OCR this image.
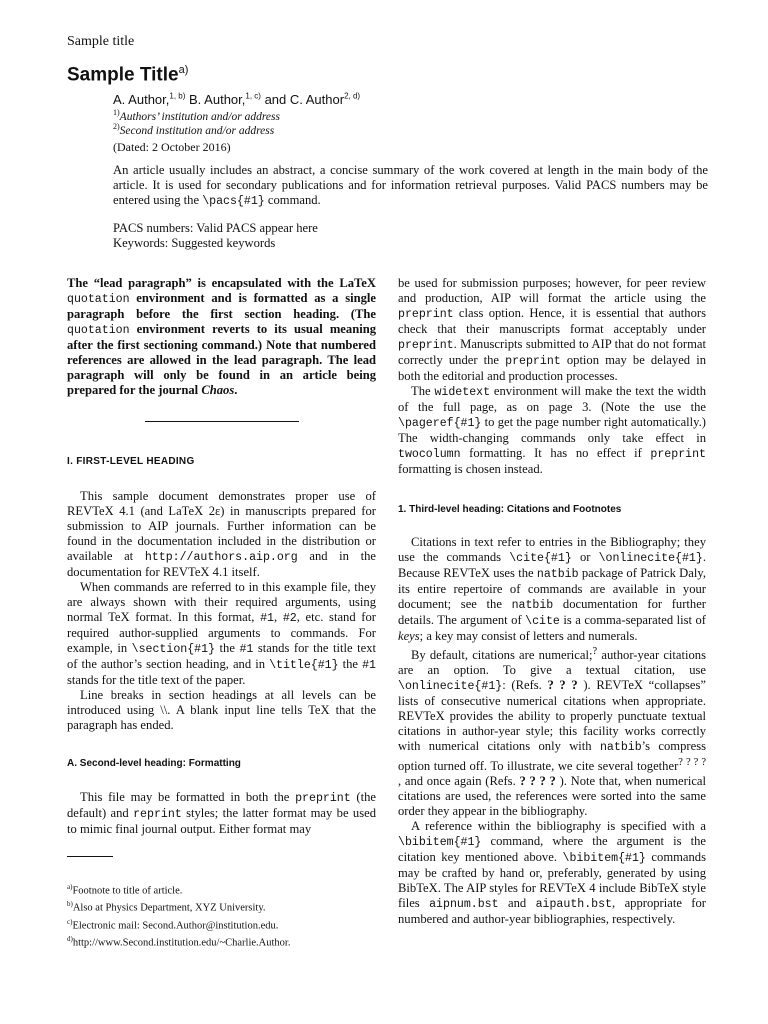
Sample title
Sample Title$^{a)}$
A. Author,$^{1, b)}$ B. Author,$^{1, c)}$ and C. Author$^{2, d)}$
$^{1)}$Authors’ institution and/or address
$^{2)}$Second institution and/or address
(Dated: 2 October 2016)
An article usually includes an abstract, a concise summary of the work covered at length in the main body of the article. It is used for secondary publications and for information retrieval purposes. Valid PACS numbers may be entered using the \pacs{#1} command.
PACS numbers: Valid PACS appear here
Keywords: Suggested keywords
The “lead paragraph” is encapsulated with the LaTeX quotation environment and is formatted as a single paragraph before the first section heading. (The quotation environment reverts to its usual meaning after the first sectioning command.) Note that numbered references are allowed in the lead paragraph. The lead paragraph will only be found in an article being prepared for the journal Chaos.
I. FIRST-LEVEL HEADING

This sample document demonstrates proper use of REVTeX 4.1 (and LaTeX 2ε) in manuscripts prepared for submission to AIP journals. Further information can be found in the documentation included in the distribution or available at http://authors.aip.org and in the documentation for REVTeX 4.1 itself.

When commands are referred to in this example file, they are always shown with their required arguments, using normal TeX format. In this format, #1, #2, etc. stand for required author-supplied arguments to commands. For example, in \section{#1} the #1 stands for the title text of the author’s section heading, and in \title{#1} the #1 stands for the title text of the paper.

Line breaks in section headings at all levels can be introduced using \\. A blank input line tells TeX that the paragraph has ended.

A. Second-level heading: Formatting

This file may be formatted in both the preprint (the default) and reprint styles; the latter format may be used to mimic final journal output. Either format may

$^{a)}$Footnote to title of article.
$^{b)}$Also at Physics Department, XYZ University.
$^{c)}$Electronic mail: Second.Author@institution.edu.
$^{d)}$http://www.Second.institution.edu/~Charlie.Author.

be used for submission purposes; however, for peer review and production, AIP will format the article using the preprint class option. Hence, it is essential that authors check that their manuscripts format acceptably under preprint. Manuscripts submitted to AIP that do not format correctly under the preprint option may be delayed in both the editorial and production processes.

The widetext environment will make the text the width of the full page, as on page 3. (Note the use the \pageref{#1} to get the page number right automatically.) The width-changing commands only take effect in twocolumn formatting. It has no effect if preprint formatting is chosen instead.

1. Third-level heading: Citations and Footnotes

Citations in text refer to entries in the Bibliography; they use the commands \cite{#1} or \onlinecite{#1}. Because REVTeX uses the natbib package of Patrick Daly, its entire repertoire of commands are available in your document; see the natbib documentation for further details. The argument of \cite is a comma-separated list of keys; a key may consist of letters and numerals.

By default, citations are numerical;? author-year citations are an option. To give a textual citation, use \onlinecite{#1}: (Refs. ? ? ? ). REVTeX “collapses” lists of consecutive numerical citations when appropriate. REVTeX provides the ability to properly punctuate textual citations in author-year style; this facility works correctly with numerical citations only with natbib’s compress option turned off. To illustrate, we cite several together? ? ? ? , and once again (Refs. ? ? ? ? ). Note that, when numerical citations are used, the references were sorted into the same order they appear in the bibliography.

A reference within the bibliography is specified with a \bibitem{#1} command, where the argument is the citation key mentioned above. \bibitem{#1} commands may be crafted by hand or, preferably, generated by using BibTeX. The AIP styles for REVTeX 4 include BibTeX style files aipnum.bst and aipauth.bst, appropriate for numbered and author-year bibliographies, respectively.
